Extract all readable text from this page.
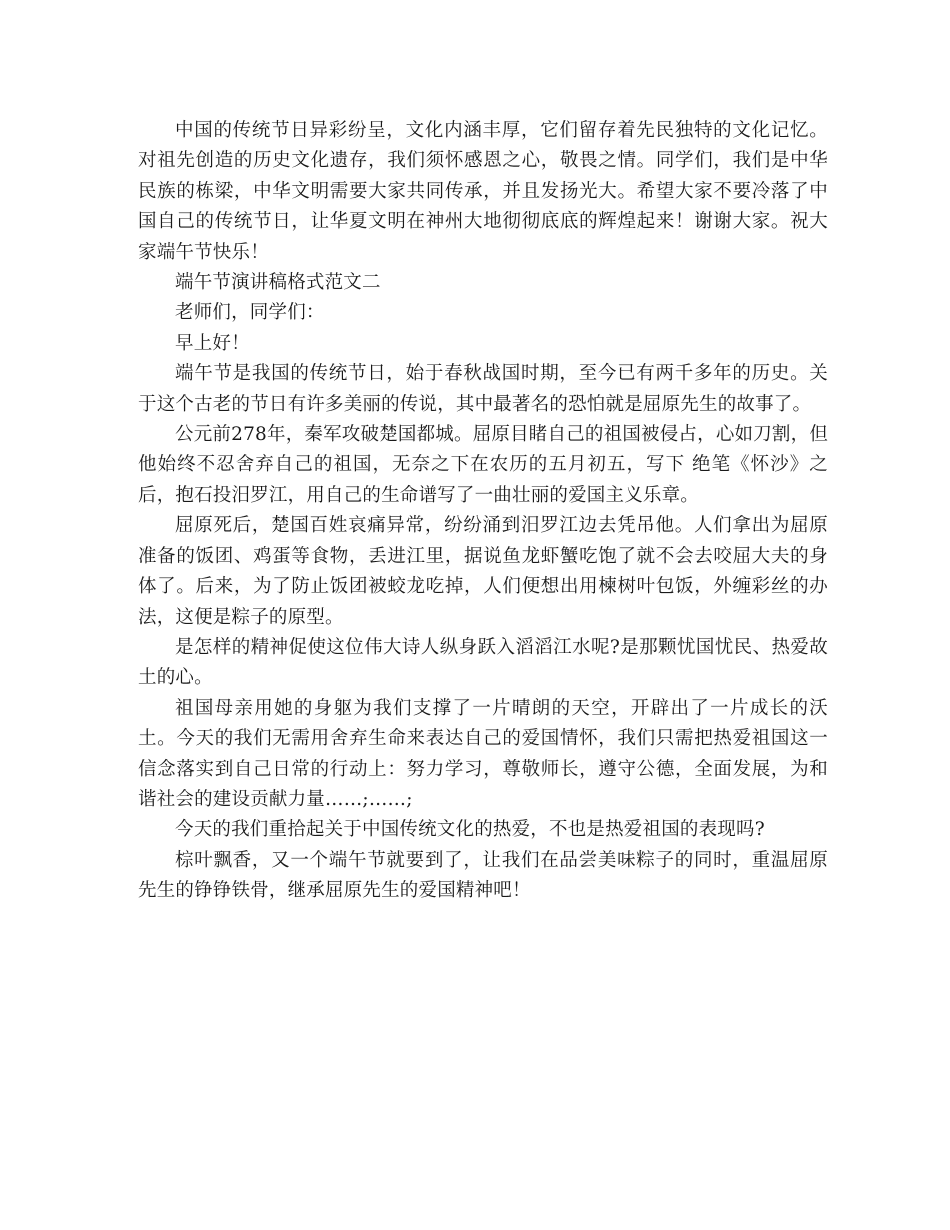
中国的传统节日异彩纷呈，文化内涵丰厚，它们留存着先民独特的文化记忆。对祖先创造的历史文化遗存，我们须怀感恩之心，敬畏之情。同学们，我们是中华民族的栋梁，中华文明需要大家共同传承，并且发扬光大。希望大家不要冷落了中国自己的传统节日，让华夏文明在神州大地彻彻底底的辉煌起来！谢谢大家。祝大家端午节快乐！

端午节演讲稿格式范文二

老师们，同学们：

早上好！

端午节是我国的传统节日，始于春秋战国时期，至今已有两千多年的历史。关于这个古老的节日有许多美丽的传说，其中最著名的恐怕就是屈原先生的故事了。

公元前278年，秦军攻破楚国都城。屈原目睹自己的祖国被侵占，心如刀割，但他始终不忍舍弃自己的祖国，无奈之下在农历的五月初五，写下 绝笔《怀沙》之后，抱石投汨罗江，用自己的生命谱写了一曲壮丽的爱国主义乐章。

屈原死后，楚国百姓哀痛异常，纷纷涌到汨罗江边去凭吊他。人们拿出为屈原准备的饭团、鸡蛋等食物，丢进江里，据说鱼龙虾蟹吃饱了就不会去咬屈大夫的身体了。后来，为了防止饭团被蛟龙吃掉，人们便想出用楝树叶包饭，外缠彩丝的办法，这便是粽子的原型。

是怎样的精神促使这位伟大诗人纵身跃入滔滔江水呢?是那颗忧国忧民、热爱故土的心。

祖国母亲用她的身躯为我们支撑了一片晴朗的天空，开辟出了一片成长的沃土。今天的我们无需用舍弃生命来表达自己的爱国情怀，我们只需把热爱祖国这一信念落实到自己日常的行动上：努力学习，尊敬师长，遵守公德，全面发展，为和谐社会的建设贡献力量……;……;

今天的我们重拾起关于中国传统文化的热爱，不也是热爱祖国的表现吗?

棕叶飘香，又一个端午节就要到了，让我们在品尝美味粽子的同时，重温屈原先生的铮铮铁骨，继承屈原先生的爱国精神吧！
